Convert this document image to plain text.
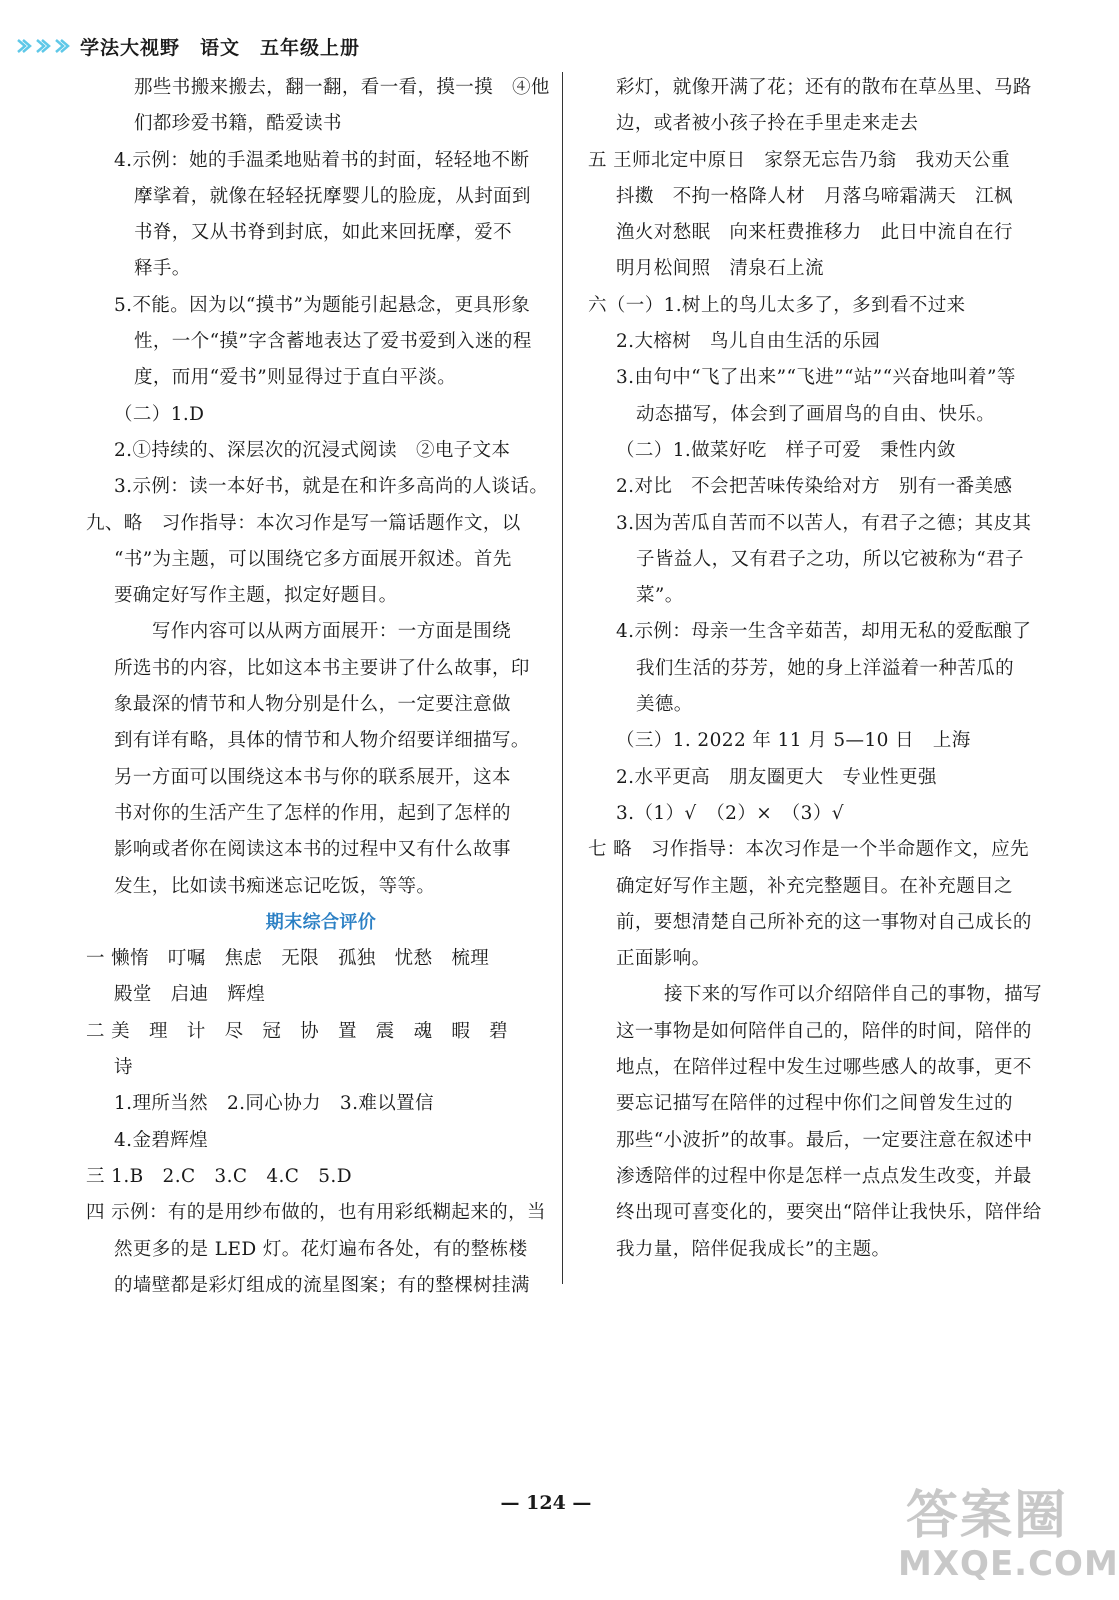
学法大视野　语文　五年级上册
那些书搬来搬去，翻一翻，看一看，摸一摸　④他
们都珍爱书籍，酷爱读书
4.示例：她的手温柔地贴着书的封面，轻轻地不断
摩挲着，就像在轻轻抚摩婴儿的脸庞，从封面到
书脊，又从书脊到封底，如此来回抚摩，爱不
释手。
5.不能。因为以“摸书”为题能引起悬念，更具形象
性，一个“摸”字含蓄地表达了爱书爱到入迷的程
度，而用“爱书”则显得过于直白平淡。
（二）1.D
2.①持续的、深层次的沉浸式阅读　②电子文本
3.示例：读一本好书，就是在和许多高尚的人谈话。
九、略　习作指导：本次习作是写一篇话题作文，以
“书”为主题，可以围绕它多方面展开叙述。首先
要确定好写作主题，拟定好题目。
写作内容可以从两方面展开：一方面是围绕
所选书的内容，比如这本书主要讲了什么故事，印
象最深的情节和人物分别是什么，一定要注意做
到有详有略，具体的情节和人物介绍要详细描写。
另一方面可以围绕这本书与你的联系展开，这本
书对你的生活产生了怎样的作用，起到了怎样的
影响或者你在阅读这本书的过程中又有什么故事
发生，比如读书痴迷忘记吃饭，等等。
期末综合评价
一 懒惰　叮嘱　焦虑　无限　孤独　忧愁　梳理
殿堂　启迪　辉煌
二 美　理　计　尽　冠　协　置　震　魂　暇　碧
诗
1.理所当然　2.同心协力　3.难以置信
4.金碧辉煌
三 1.B　2.C　3.C　4.C　5.D
四 示例：有的是用纱布做的，也有用彩纸糊起来的，当
然更多的是 LED 灯。花灯遍布各处，有的整栋楼
的墙壁都是彩灯组成的流星图案；有的整棵树挂满
彩灯，就像开满了花；还有的散布在草丛里、马路
边，或者被小孩子拎在手里走来走去
五 王师北定中原日　家祭无忘告乃翁　我劝天公重
抖擞　不拘一格降人材　月落乌啼霜满天　江枫
渔火对愁眠　向来枉费推移力　此日中流自在行
明月松间照　清泉石上流
六（一）1.树上的鸟儿太多了，多到看不过来
2.大榕树　鸟儿自由生活的乐园
3.由句中“飞了出来”“飞进”“站”“兴奋地叫着”等
动态描写，体会到了画眉鸟的自由、快乐。
（二）1.做菜好吃　样子可爱　秉性内敛
2.对比　不会把苦味传染给对方　别有一番美感
3.因为苦瓜自苦而不以苦人，有君子之德；其皮其
子皆益人，又有君子之功，所以它被称为“君子
菜”。
4.示例：母亲一生含辛茹苦，却用无私的爱酝酿了
我们生活的芬芳，她的身上洋溢着一种苦瓜的
美德。
（三）1. 2022 年 11 月 5—10 日　上海
2.水平更高　朋友圈更大　专业性更强
3.（1）√　（2）×　（3）√
七 略　习作指导：本次习作是一个半命题作文，应先
确定好写作主题，补充完整题目。在补充题目之
前，要想清楚自己所补充的这一事物对自己成长的
正面影响。
接下来的写作可以介绍陪伴自己的事物，描写
这一事物是如何陪伴自己的，陪伴的时间，陪伴的
地点，在陪伴过程中发生过哪些感人的故事，更不
要忘记描写在陪伴的过程中你们之间曾发生过的
那些“小波折”的故事。最后，一定要注意在叙述中
渗透陪伴的过程中你是怎样一点点发生改变，并最
终出现可喜变化的，要突出“陪伴让我快乐，陪伴给
我力量，陪伴促我成长”的主题。
— 124 —	答案圈
MXQE.COM
